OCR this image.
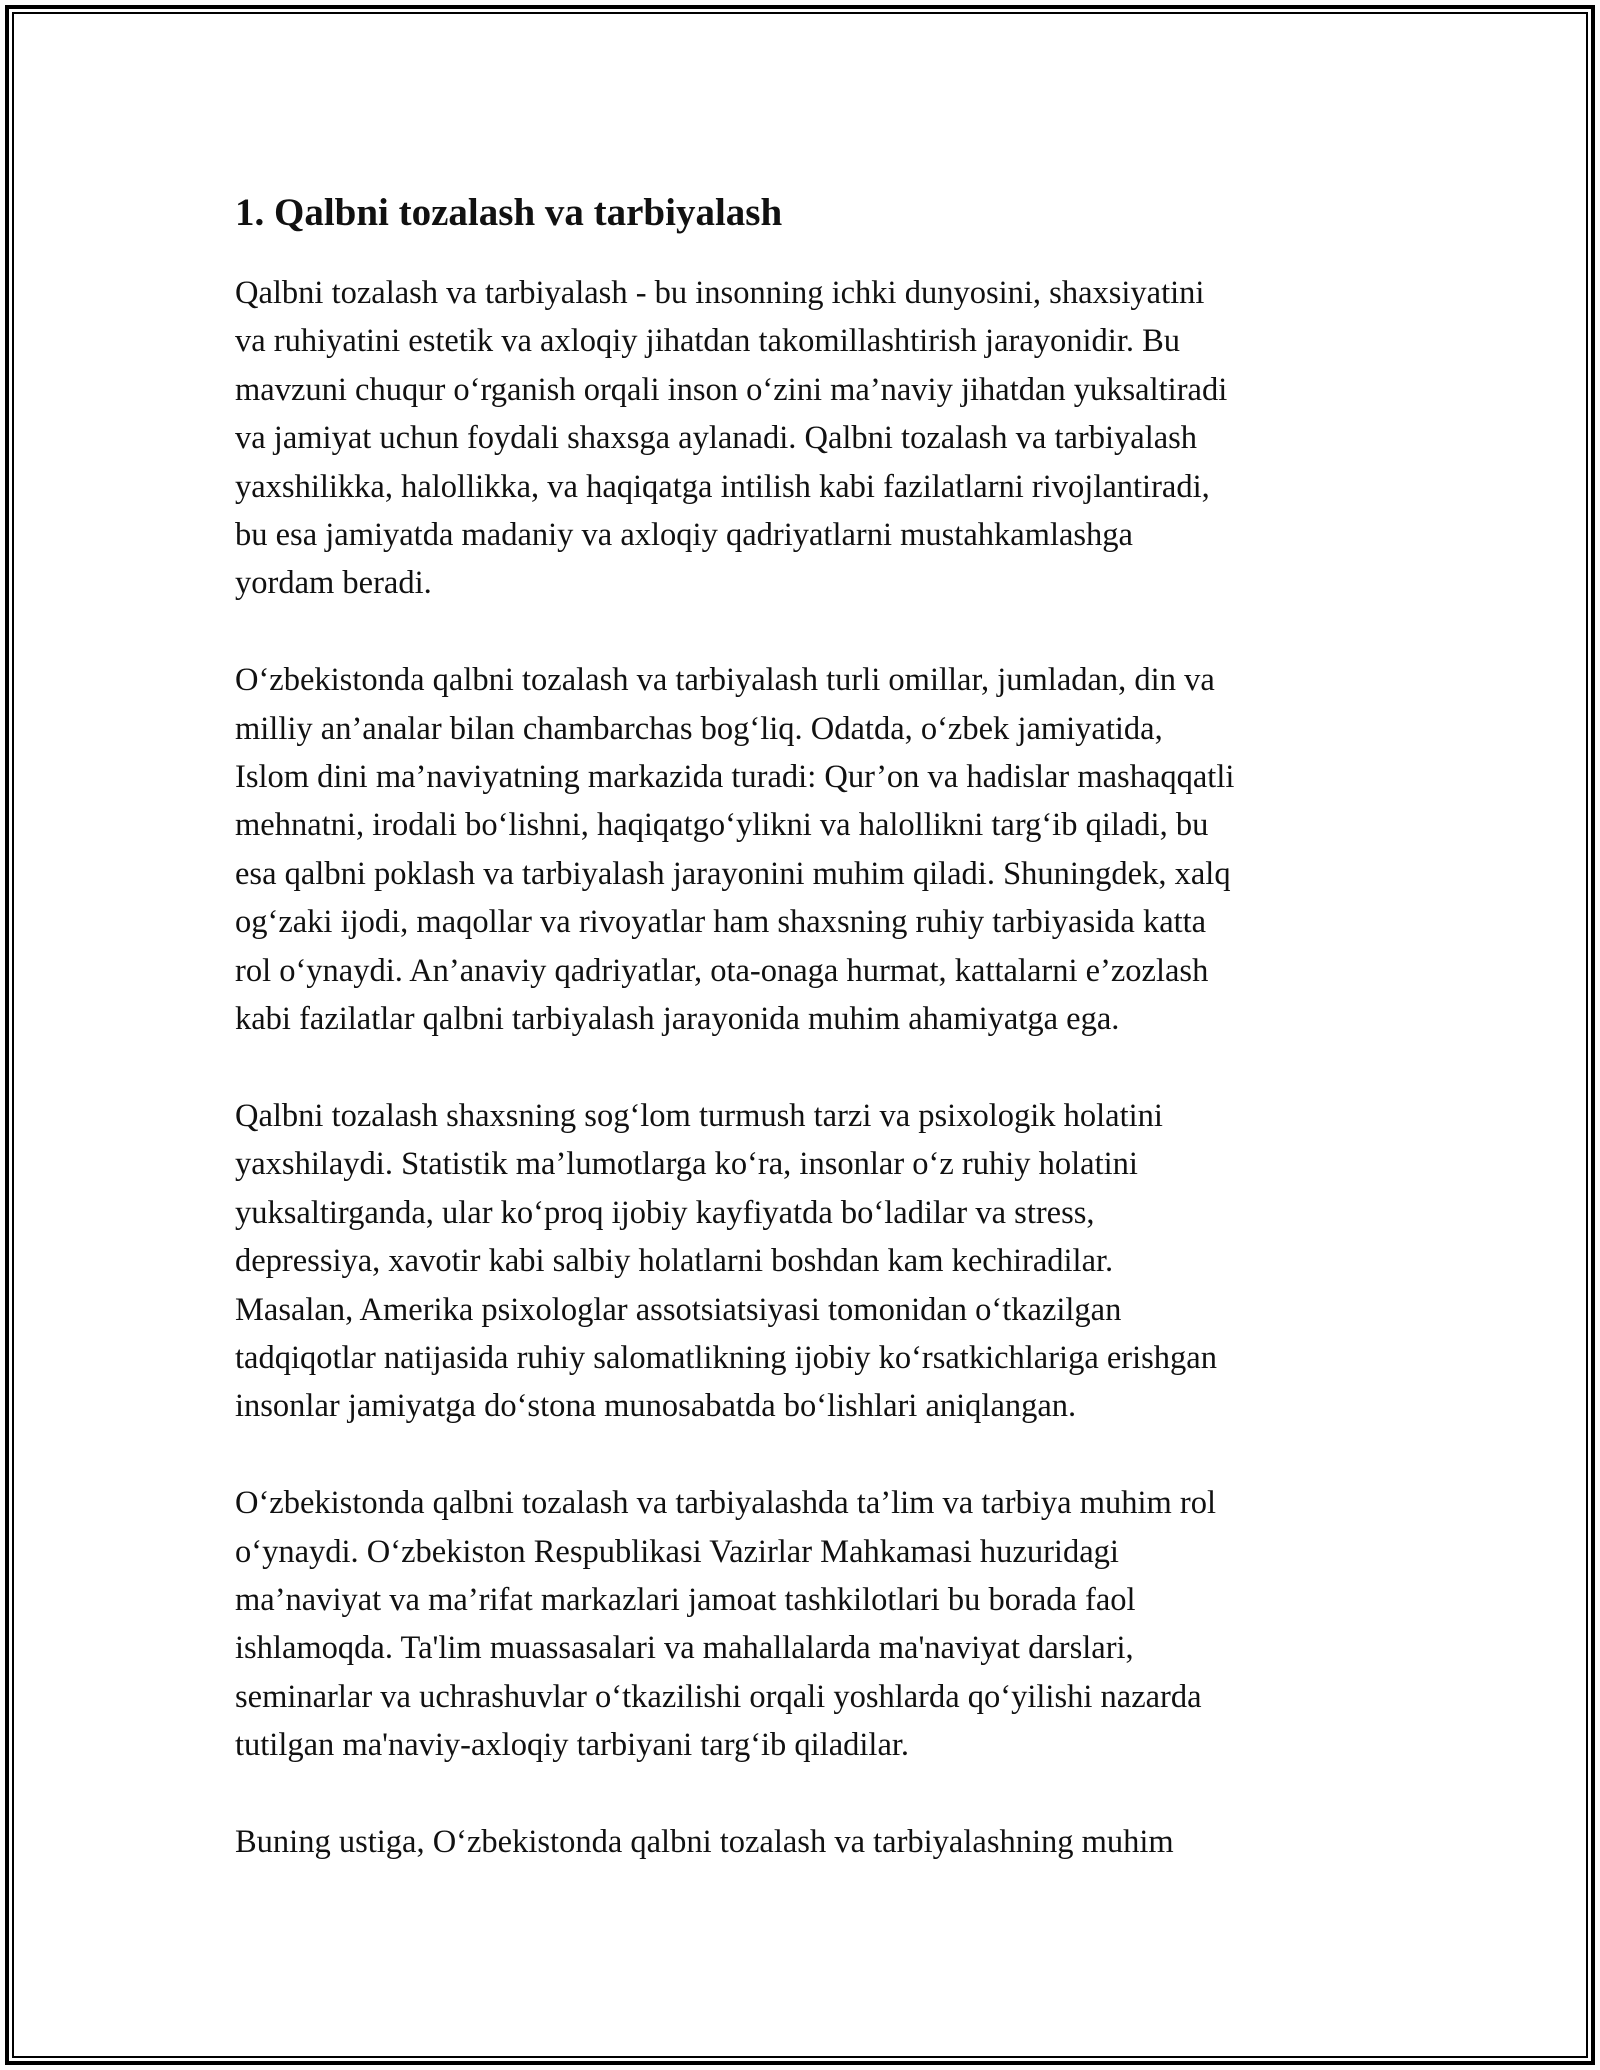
1. Qalbni tozalash va tarbiyalash

Qalbni tozalash va tarbiyalash - bu insonning ichki dunyosini, shaxsiyatini
va ruhiyatini estetik va axloqiy jihatdan takomillashtirish jarayonidir. Bu
mavzuni chuqur o‘rganish orqali inson o‘zini ma’naviy jihatdan yuksaltiradi
va jamiyat uchun foydali shaxsga aylanadi. Qalbni tozalash va tarbiyalash
yaxshilikka, halollikka, va haqiqatga intilish kabi fazilatlarni rivojlantiradi,
bu esa jamiyatda madaniy va axloqiy qadriyatlarni mustahkamlashga
yordam beradi.

O‘zbekistonda qalbni tozalash va tarbiyalash turli omillar, jumladan, din va
milliy an’analar bilan chambarchas bog‘liq. Odatda, o‘zbek jamiyatida,
Islom dini ma’naviyatning markazida turadi: Qur’on va hadislar mashaqqatli
mehnatni, irodali bo‘lishni, haqiqatgo‘ylikni va halollikni targ‘ib qiladi, bu
esa qalbni poklash va tarbiyalash jarayonini muhim qiladi. Shuningdek, xalq
og‘zaki ijodi, maqollar va rivoyatlar ham shaxsning ruhiy tarbiyasida katta
rol o‘ynaydi. An’anaviy qadriyatlar, ota-onaga hurmat, kattalarni e’zozlash
kabi fazilatlar qalbni tarbiyalash jarayonida muhim ahamiyatga ega.

Qalbni tozalash shaxsning sog‘lom turmush tarzi va psixologik holatini
yaxshilaydi. Statistik ma’lumotlarga ko‘ra, insonlar o‘z ruhiy holatini
yuksaltirganda, ular ko‘proq ijobiy kayfiyatda bo‘ladilar va stress,
depressiya, xavotir kabi salbiy holatlarni boshdan kam kechiradilar.
Masalan, Amerika psixologlar assotsiatsiyasi tomonidan o‘tkazilgan
tadqiqotlar natijasida ruhiy salomatlikning ijobiy ko‘rsatkichlariga erishgan
insonlar jamiyatga do‘stona munosabatda bo‘lishlari aniqlangan.

O‘zbekistonda qalbni tozalash va tarbiyalashda ta’lim va tarbiya muhim rol
o‘ynaydi. O‘zbekiston Respublikasi Vazirlar Mahkamasi huzuridagi
ma’naviyat va ma’rifat markazlari jamoat tashkilotlari bu borada faol
ishlamoqda. Ta'lim muassasalari va mahallalarda ma'naviyat darslari,
seminarlar va uchrashuvlar o‘tkazilishi orqali yoshlarda qo‘yilishi nazarda
tutilgan ma'naviy-axloqiy tarbiyani targ‘ib qiladilar.

Buning ustiga, O‘zbekistonda qalbni tozalash va tarbiyalashning muhim
